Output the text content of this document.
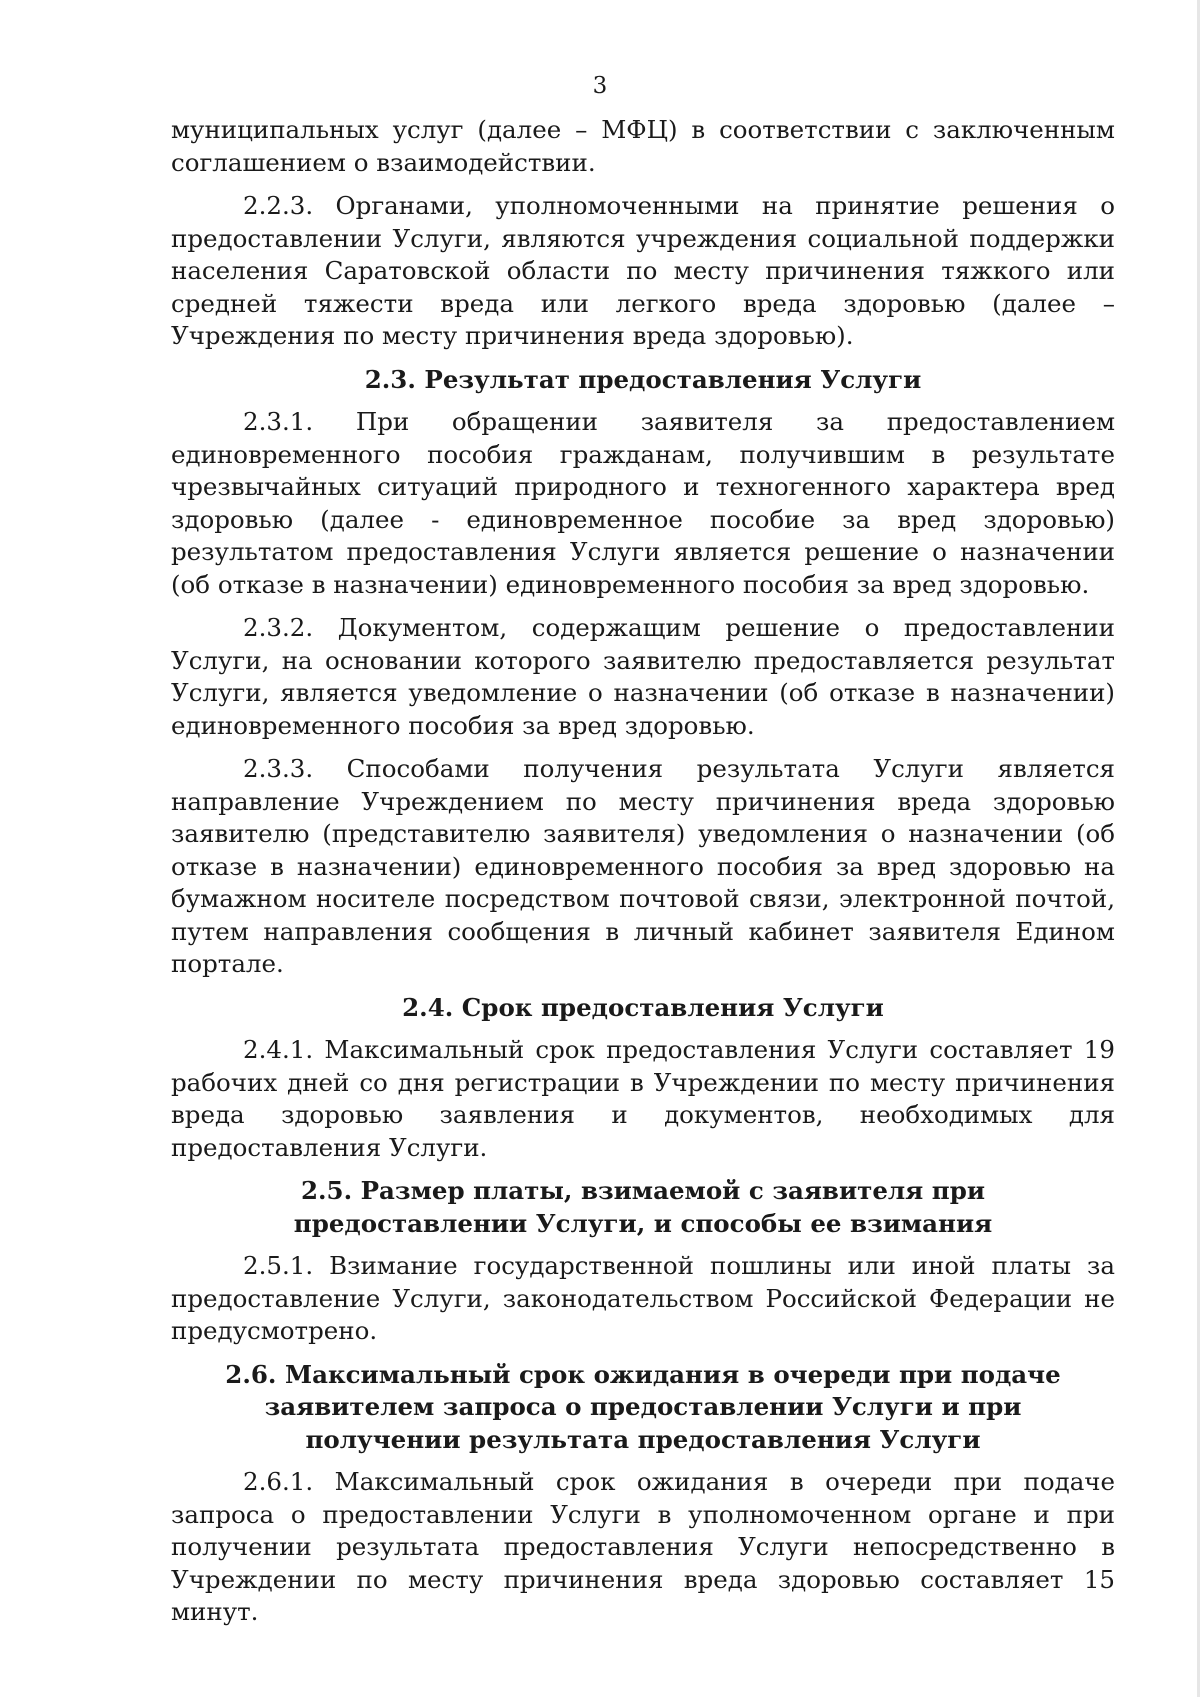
3

муниципальных услуг (далее – МФЦ) в соответствии с заключенным соглашением о взаимодействии.

2.2.3. Органами, уполномоченными на принятие решения о предоставлении Услуги, являются учреждения социальной поддержки населения Саратовской области по месту причинения тяжкого или средней тяжести вреда или легкого вреда здоровью (далее – Учреждения по месту причинения вреда здоровью).

2.3. Результат предоставления Услуги

2.3.1. При обращении заявителя за предоставлением единовременного пособия гражданам, получившим в результате чрезвычайных ситуаций природного и техногенного характера вред здоровью (далее - единовременное пособие за вред здоровью) результатом предоставления Услуги является решение о назначении (об отказе в назначении) единовременного пособия за вред здоровью.

2.3.2. Документом, содержащим решение о предоставлении Услуги, на основании которого заявителю предоставляется результат Услуги, является уведомление о назначении (об отказе в назначении) единовременного пособия за вред здоровью.

2.3.3. Способами получения результата Услуги является направление Учреждением по месту причинения вреда здоровью заявителю (представителю заявителя) уведомления о назначении (об отказе в назначении) единовременного пособия за вред здоровью на бумажном носителе посредством почтовой связи, электронной почтой, путем направления сообщения в личный кабинет заявителя Едином портале.

2.4. Срок предоставления Услуги

2.4.1. Максимальный срок предоставления Услуги составляет 19 рабочих дней со дня регистрации в Учреждении по месту причинения вреда здоровью заявления и документов, необходимых для предоставления Услуги.

2.5. Размер платы, взимаемой с заявителя при предоставлении Услуги, и способы ее взимания

2.5.1. Взимание государственной пошлины или иной платы за предоставление Услуги, законодательством Российской Федерации не предусмотрено.

2.6. Максимальный срок ожидания в очереди при подаче заявителем запроса о предоставлении Услуги и при получении результата предоставления Услуги

2.6.1. Максимальный срок ожидания в очереди при подаче запроса о предоставлении Услуги в уполномоченном органе и при получении результата предоставления Услуги непосредственно в Учреждении по месту причинения вреда здоровью составляет 15 минут.
